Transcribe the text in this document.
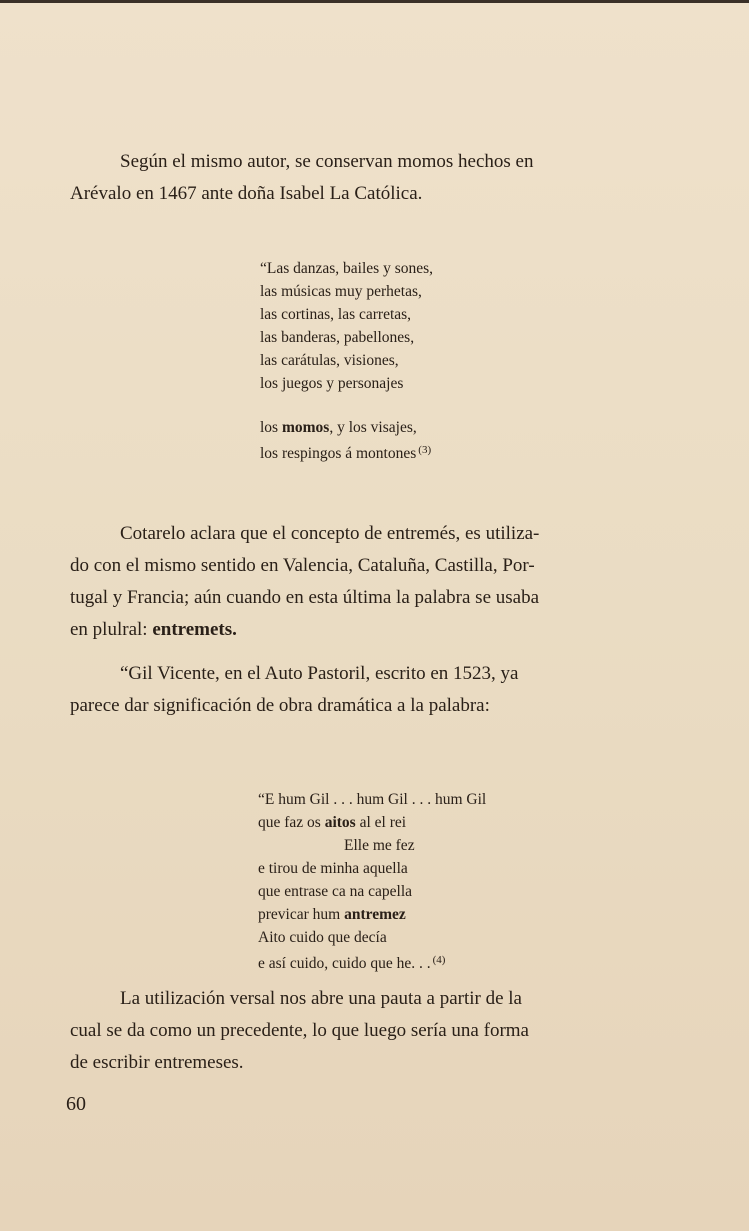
Según el mismo autor, se conservan momos hechos en
Arévalo en 1467 ante doña Isabel La Católica.
“Las danzas, bailes y sones,
las músicas muy perhetas,
las cortinas, las carretas,
las banderas, pabellones,
las carátulas, visiones,
los juegos y personajes
los momos, y los visajes,
los respingos á montones $^{(3)}$
Cotarelo aclara que el concepto de entremés, es utiliza-
do con el mismo sentido en Valencia, Cataluña, Castilla, Por-
tugal y Francia; aún cuando en esta última la palabra se usaba
en plulral: entremets.
“Gil Vicente, en el Auto Pastoril, escrito en 1523, ya
parece dar significación de obra dramática a la palabra:
“E hum Gil . . . hum Gil . . . hum Gil
que faz os aitos al el rei
Elle me fez
e tirou de minha aquella
que entrase ca na capella
previcar hum antremez
Aito cuido que decía
e así cuido, cuido que he. . . $^{(4)}$
La utilización versal nos abre una pauta a partir de la
cual se da como un precedente, lo que luego sería una forma
de escribir entremeses.
60
